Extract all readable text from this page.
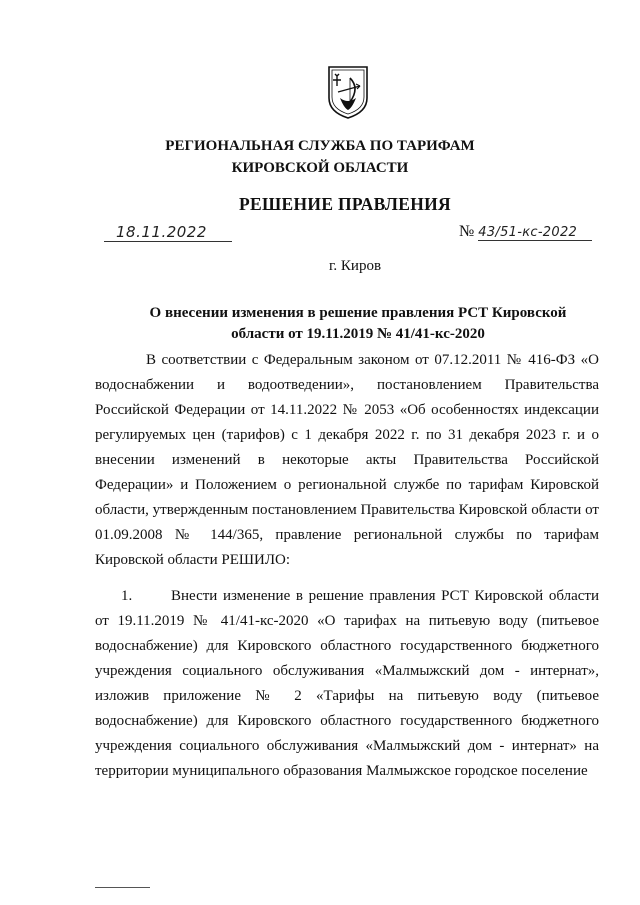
РЕГИОНАЛЬНАЯ СЛУЖБА ПО ТАРИФАМ
КИРОВСКОЙ ОБЛАСТИ
РЕШЕНИЕ ПРАВЛЕНИЯ
18.11.2022	№ 43/51-кс-2022
г. Киров
О внесении изменения в решение правления РСТ Кировской
области от 19.11.2019 № 41/41-кс-2020
В соответствии с Федеральным законом от 07.12.2011 № 416-ФЗ «О водоснабжении и водоотведении», постановлением Правительства Российской Федерации от 14.11.2022 № 2053 «Об особенностях индексации регулируемых цен (тарифов) с 1 декабря 2022 г. по 31 декабря 2023 г. и о внесении изменений в некоторые акты Правительства Российской Федерации» и Положением о региональной службе по тарифам Кировской области, утвержденным постановлением Правительства Кировской области от 01.09.2008 № 144/365, правление региональной службы по тарифам Кировской области РЕШИЛО:
1.	Внести изменение в решение правления РСТ Кировской области от 19.11.2019 № 41/41-кс-2020 «О тарифах на питьевую воду (питьевое водоснабжение) для Кировского областного государственного бюджетного учреждения социального обслуживания «Малмыжский дом - интернат», изложив приложение № 2 «Тарифы на питьевую воду (питьевое водоснабжение) для Кировского областного государственного бюджетного учреждения социального обслуживания «Малмыжский дом - интернат» на территории муниципального образования Малмыжское городское поселение
